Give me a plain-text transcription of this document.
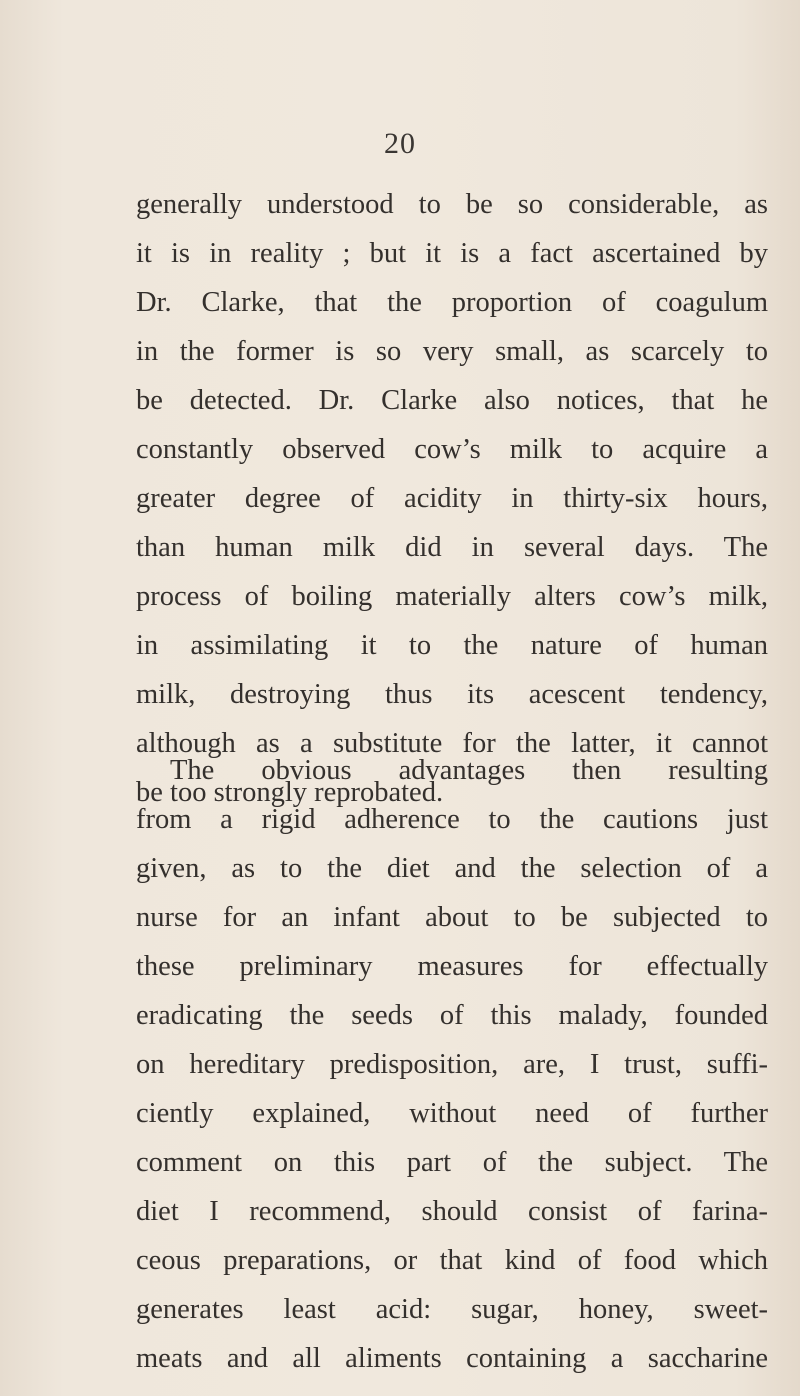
20
generally understood to be so considerable, as
it is in reality ; but it is a fact ascertained by
Dr. Clarke, that the proportion of coagulum
in the former is so very small, as scarcely to
be detected. Dr. Clarke also notices, that he
constantly observed cow’s milk to acquire a
greater degree of acidity in thirty-six hours,
than human milk did in several days. The
process of boiling materially alters cow’s milk,
in assimilating it to the nature of human
milk, destroying thus its acescent tendency,
although as a substitute for the latter, it cannot
be too strongly reprobated.
The obvious advantages then resulting
from a rigid adherence to the cautions just
given, as to the diet and the selection of a
nurse for an infant about to be subjected to
these preliminary measures for effectually
eradicating the seeds of this malady, founded
on hereditary predisposition, are, I trust, suffi-
ciently explained, without need of further
comment on this part of the subject. The
diet I recommend, should consist of farina-
ceous preparations, or that kind of food which
generates least acid: sugar, honey, sweet-
meats and all aliments containing a saccharine
